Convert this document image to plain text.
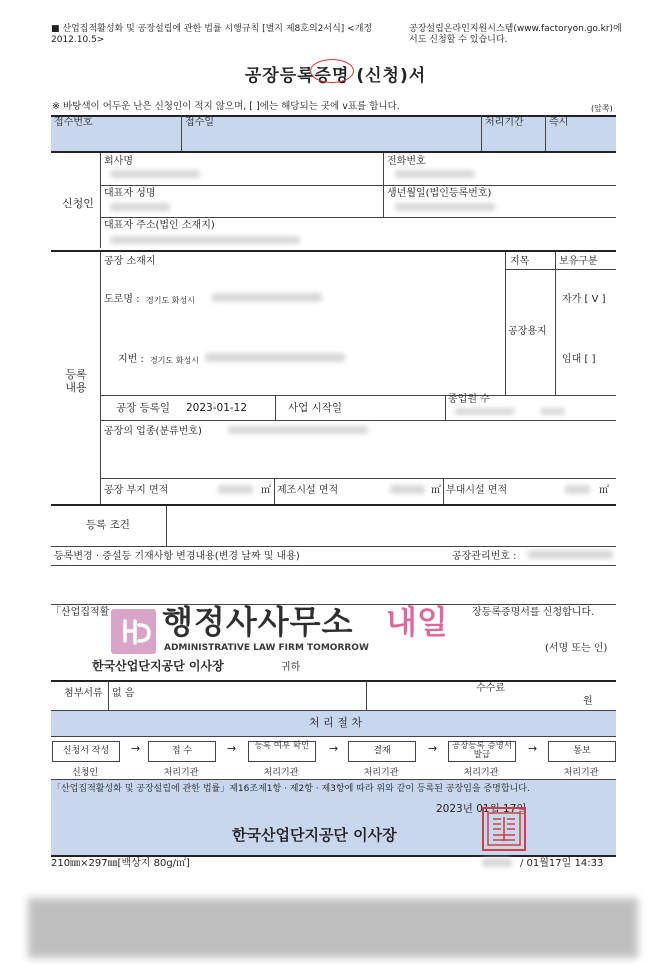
■ 산업집적활성화 및 공장설립에 관한 법률 시행규칙 [별지 제8호의2서식] <개정 2012.10.5>
공장설립온라인지원시스템(www.factoryon.go.kr)에서도 신청할 수 있습니다.
공장등록증명 (신청)서
※ 바탕색이 어두운 난은 신청인이 적지 않으며, [ ]에는 해당되는 곳에 v표를 합니다.	(앞쪽)
접수번호	접수일	처리기간	즉시
신청인
회사명	전화번호
대표자 성명	생년월일(법인등록번호)
대표자 주소(법인 소재지)
등록 내용
공장 소재지	지목	보유구분
도로명 : 경기도 화성시
지번 : 경기도 화성시
공장용지
자가 [ V ]
임대 [ ]
공장 등록일 2023-01-12	사업 시작일
종업원 수
공장의 업종(분류번호)
공장 부지 면적	㎡ 제조시설 면적	㎡ 부대시설 면적	㎡
등록 조건
등록변경 · 증설등 기재사항 변경내용(변경 날짜 및 내용)	공장관리번호 :
「산업집적활	장등록증명서를 신청합니다.
행정사사무소 내일
ADMINISTRATIVE LAW FIRM TOMORROW	(서명 또는 인)
한국산업단지공단 이사장	귀하
첨부서류 없 음	수수료
원
처 리 절 차
신청서 작성	→	접 수	→	등록 여부 확인	→	결재	→	공장등록 증명서발급	→	통보
신청인	처리기관	처리기관	처리기관	처리기관	처리기관
「산업집적활성화 및 공장설립에 관한 법률」제16조제1항 · 제2항 · 제3항에 따라 위와 같이 등록된 공장임을 증명합니다.
2023년 01월 17일
한국산업단지공단 이사장
210㎜×297㎜[백상지 80g/㎡]	/ 01월17일 14:33
